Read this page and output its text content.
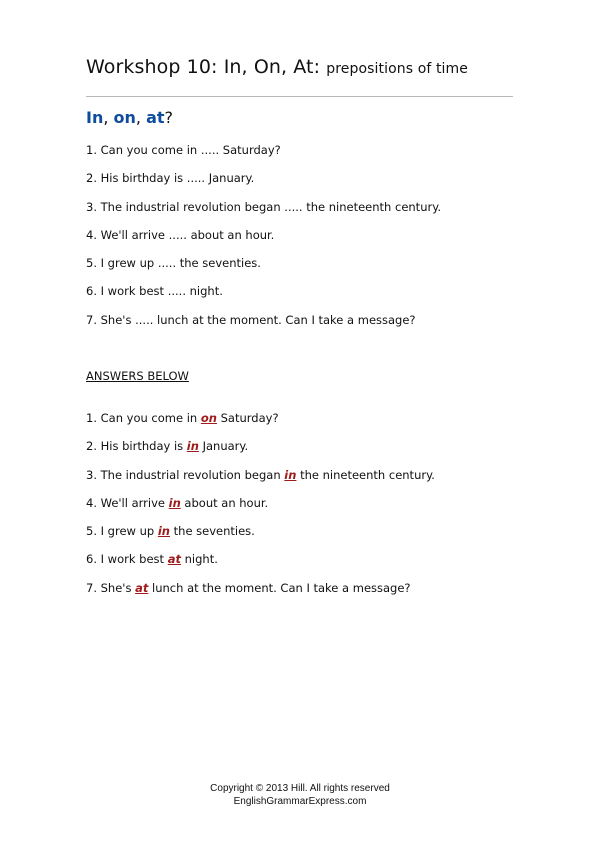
Workshop 10: In, On, At: prepositions of time
In, on, at?
1. Can you come in ..... Saturday?
2. His birthday is ..... January.
3. The industrial revolution began ..... the nineteenth century.
4. We'll arrive ..... about an hour.
5. I grew up ..... the seventies.
6. I work best ..... night.
7. She's ..... lunch at the moment. Can I take a message?
ANSWERS BELOW
1. Can you come in on Saturday?
2. His birthday is in January.
3. The industrial revolution began in the nineteenth century.
4. We'll arrive in about an hour.
5. I grew up in the seventies.
6. I work best at night.
7. She's at lunch at the moment. Can I take a message?
Copyright © 2013 Hill. All rights reserved
EnglishGrammarExpress.com
